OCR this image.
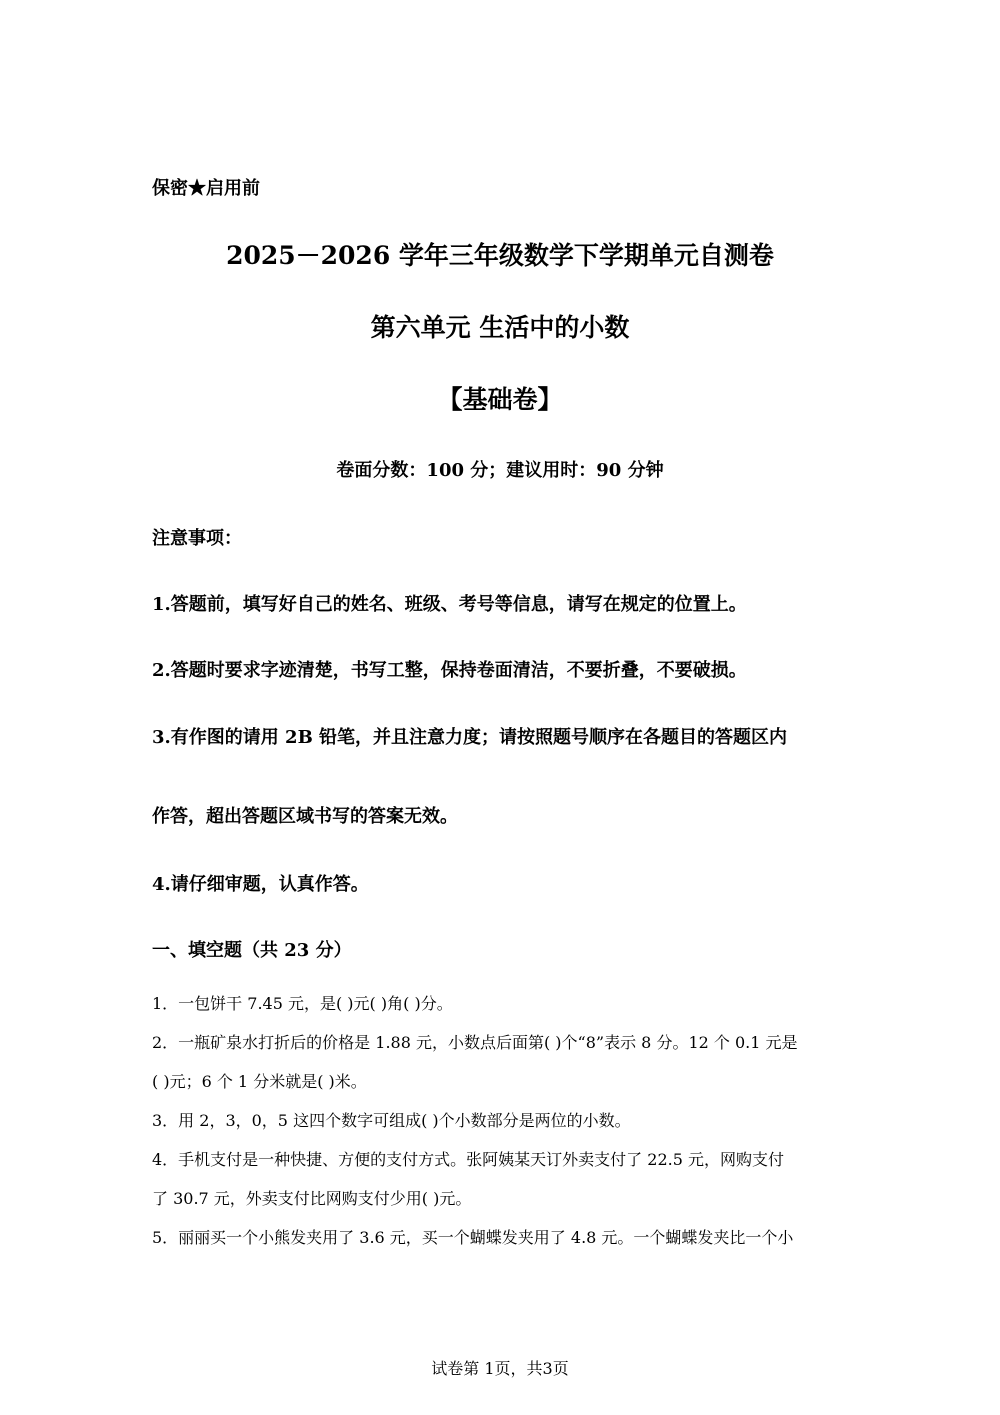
保密★启用前
2025－2026 学年三年级数学下学期单元自测卷
第六单元 生活中的小数
【基础卷】
卷面分数：100 分；建议用时：90 分钟
注意事项：
1.答题前，填写好自己的姓名、班级、考号等信息，请写在规定的位置上。
2.答题时要求字迹清楚，书写工整，保持卷面清洁，不要折叠，不要破损。
3.有作图的请用 2B 铅笔，并且注意力度；请按照题号顺序在各题目的答题区内
作答，超出答题区域书写的答案无效。
4.请仔细审题，认真作答。
一、填空题（共 23 分）
1．一包饼干 7.45 元，是( )元( )角( )分。
2．一瓶矿泉水打折后的价格是 1.88 元，小数点后面第( )个“8”表示 8 分。12 个 0.1 元是
( )元；6 个 1 分米就是( )米。
3．用 2，3，0，5 这四个数字可组成( )个小数部分是两位的小数。
4．手机支付是一种快捷、方便的支付方式。张阿姨某天订外卖支付了 22.5 元，网购支付
了 30.7 元，外卖支付比网购支付少用( )元。
5．丽丽买一个小熊发夹用了 3.6 元，买一个蝴蝶发夹用了 4.8 元。一个蝴蝶发夹比一个小
试卷第 1页，共3页
